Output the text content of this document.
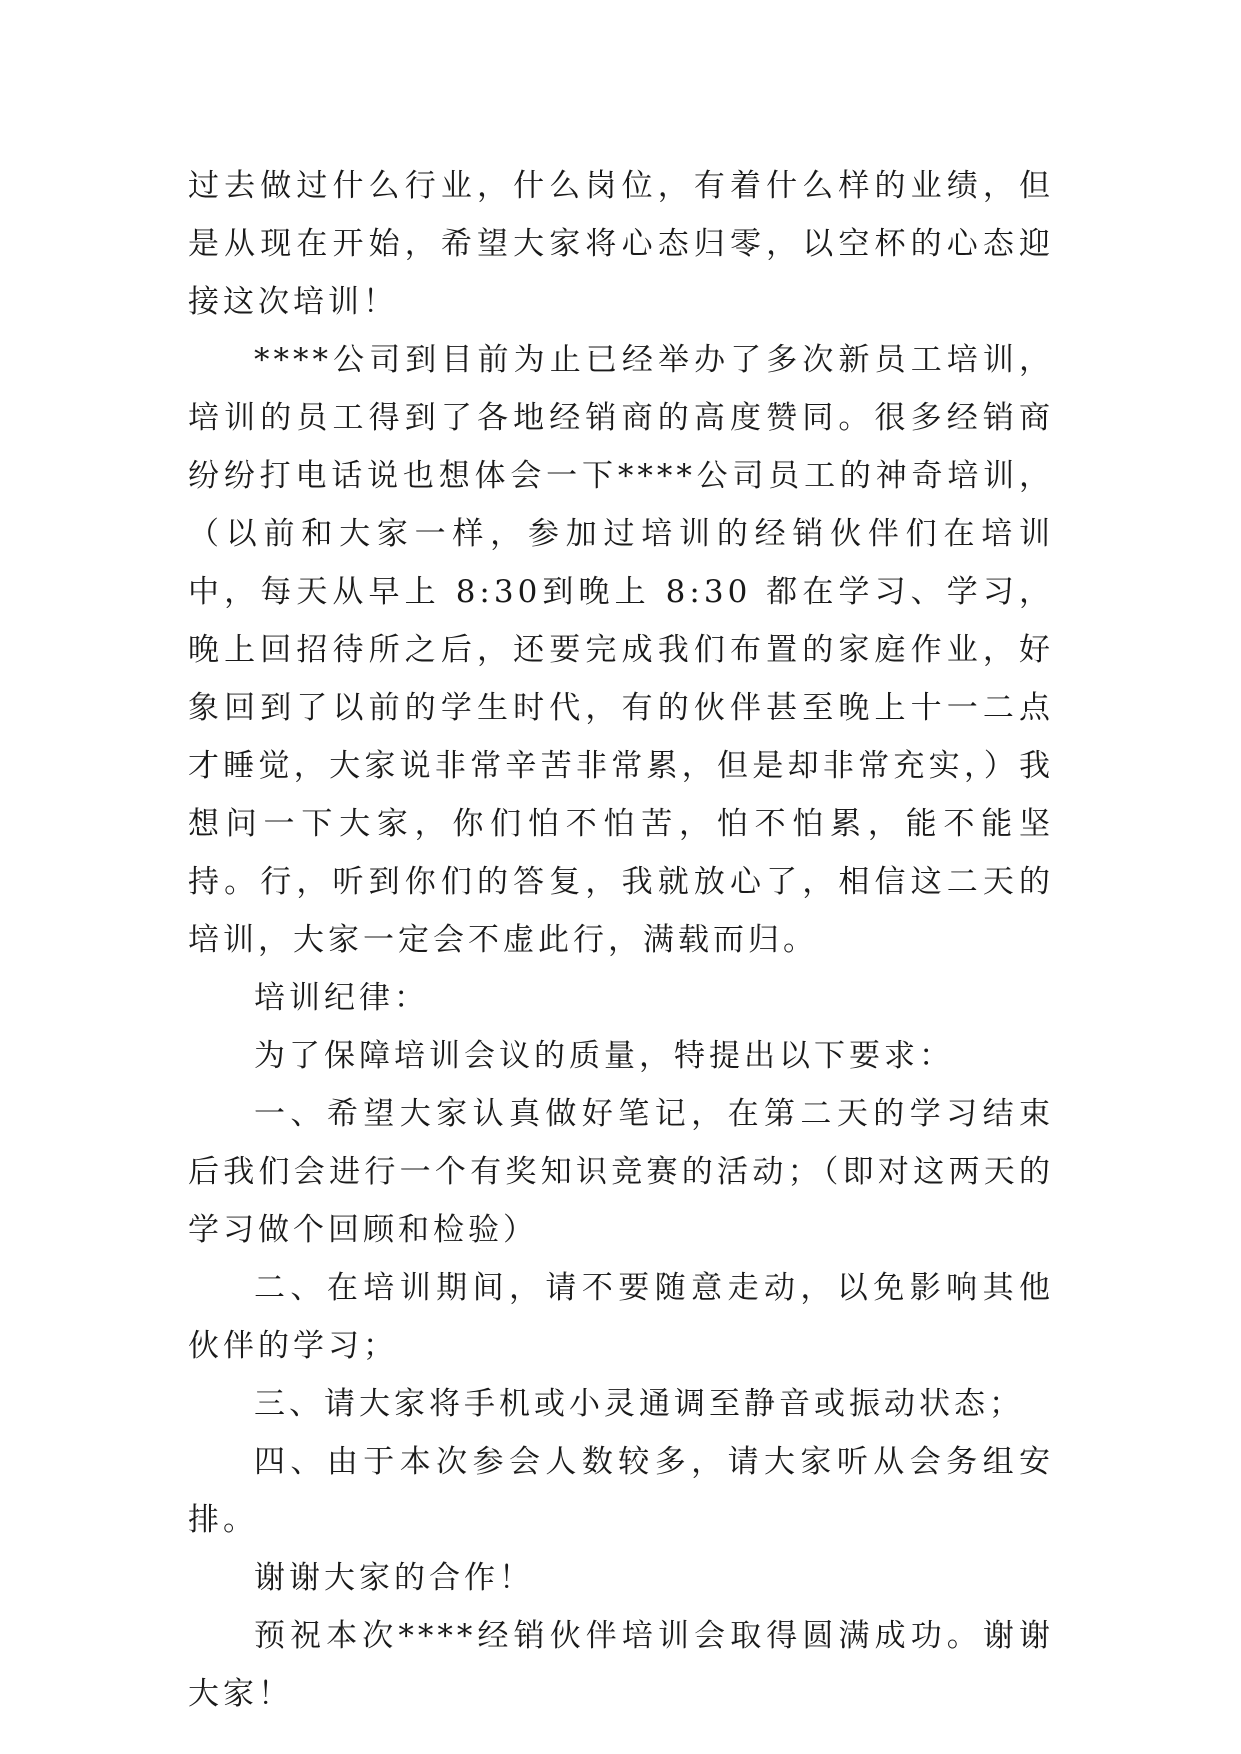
过去做过什么行业，什么岗位，有着什么样的业绩，但是从现在开始，希望大家将心态归零，以空杯的心态迎接这次培训！

****公司到目前为止已经举办了多次新员工培训，培训的员工得到了各地经销商的高度赞同。很多经销商纷纷打电话说也想体会一下****公司员工的神奇培训，（以前和大家一样，参加过培训的经销伙伴们在培训中，每天从早上 8:30到晚上 8:30 都在学习、学习，晚上回招待所之后，还要完成我们布置的家庭作业，好象回到了以前的学生时代，有的伙伴甚至晚上十一二点才睡觉，大家说非常辛苦非常累，但是却非常充实，）我想问一下大家，你们怕不怕苦，怕不怕累，能不能坚持。行，听到你们的答复，我就放心了，相信这二天的培训，大家一定会不虚此行，满载而归。

培训纪律：

为了保障培训会议的质量，特提出以下要求：

一、希望大家认真做好笔记，在第二天的学习结束后我们会进行一个有奖知识竞赛的活动；（即对这两天的学习做个回顾和检验）

二、在培训期间，请不要随意走动，以免影响其他伙伴的学习；

三、请大家将手机或小灵通调至静音或振动状态；

四、由于本次参会人数较多，请大家听从会务组安排。

谢谢大家的合作！

预祝本次****经销伙伴培训会取得圆满成功。谢谢大家！
